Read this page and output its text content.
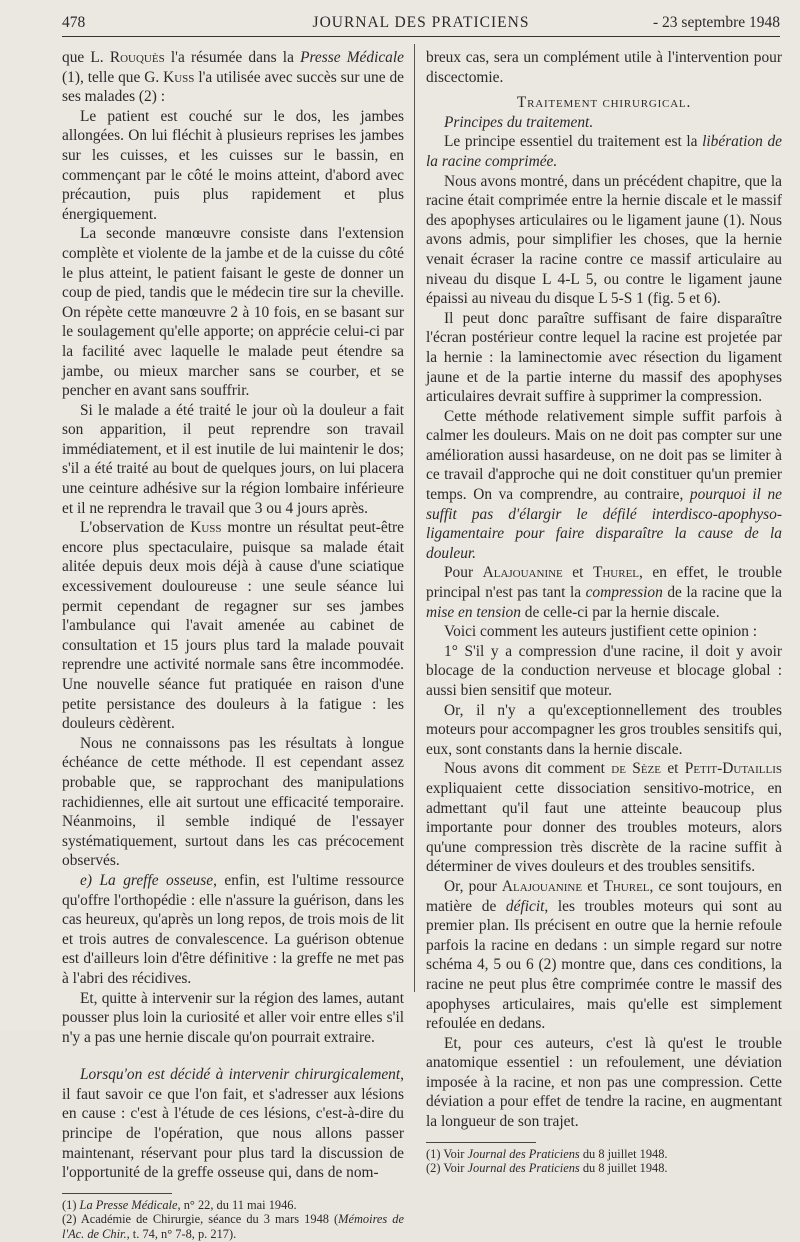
478	JOURNAL DES PRATICIENS	- 23 septembre 1948

que L. Rouquès l'a résumée dans la Presse Médicale (1), telle que G. Kuss l'a utilisée avec succès sur une de ses malades (2) :

Le patient est couché sur le dos, les jambes allongées. On lui fléchit à plusieurs reprises les jambes sur les cuisses, et les cuisses sur le bassin, en commençant par le côté le moins atteint, d'abord avec précaution, puis plus rapidement et plus énergiquement.

La seconde manœuvre consiste dans l'extension complète et violente de la jambe et de la cuisse du côté le plus atteint, le patient faisant le geste de donner un coup de pied, tandis que le médecin tire sur la cheville. On répète cette manœuvre 2 à 10 fois, en se basant sur le soulagement qu'elle apporte; on apprécie celui-ci par la facilité avec laquelle le malade peut étendre sa jambe, ou mieux marcher sans se courber, et se pencher en avant sans souffrir.

Si le malade a été traité le jour où la douleur a fait son apparition, il peut reprendre son travail immédiatement, et il est inutile de lui maintenir le dos; s'il a été traité au bout de quelques jours, on lui placera une ceinture adhésive sur la région lombaire inférieure et il ne reprendra le travail que 3 ou 4 jours après.

L'observation de Kuss montre un résultat peut-être encore plus spectaculaire, puisque sa malade était alitée depuis deux mois déjà à cause d'une sciatique excessivement douloureuse : une seule séance lui permit cependant de regagner sur ses jambes l'ambulance qui l'avait amenée au cabinet de consultation et 15 jours plus tard la malade pouvait reprendre une activité normale sans être incommodée. Une nouvelle séance fut pratiquée en raison d'une petite persistance des douleurs à la fatigue : les douleurs cèdèrent.

Nous ne connaissons pas les résultats à longue échéance de cette méthode. Il est cependant assez probable que, se rapprochant des manipulations rachidiennes, elle ait surtout une efficacité temporaire. Néanmoins, il semble indiqué de l'essayer systématiquement, surtout dans les cas précocement observés.

e) La greffe osseuse, enfin, est l'ultime ressource qu'offre l'orthopédie : elle n'assure la guérison, dans les cas heureux, qu'après un long repos, de trois mois de lit et trois autres de convalescence. La guérison obtenue est d'ailleurs loin d'être définitive : la greffe ne met pas à l'abri des récidives.

Et, quitte à intervenir sur la région des lames, autant pousser plus loin la curiosité et aller voir entre elles s'il n'y a pas une hernie discale qu'on pourrait extraire.

Lorsqu'on est décidé à intervenir chirurgicalement, il faut savoir ce que l'on fait, et s'adresser aux lésions en cause : c'est à l'étude de ces lésions, c'est-à-dire du principe de l'opération, que nous allons passer maintenant, réservant pour plus tard la discussion de l'opportunité de la greffe osseuse qui, dans de nom-

(1) La Presse Médicale, n° 22, du 11 mai 1946.

(2) Académie de Chirurgie, séance du 3 mars 1948 (Mémoires de l'Ac. de Chir., t. 74, n° 7-8, p. 217).

breux cas, sera un complément utile à l'intervention pour discectomie.

Traitement chirurgical.

Principes du traitement.

Le principe essentiel du traitement est la libération de la racine comprimée.

Nous avons montré, dans un précédent chapitre, que la racine était comprimée entre la hernie discale et le massif des apophyses articulaires ou le ligament jaune (1). Nous avons admis, pour simplifier les choses, que la hernie venait écraser la racine contre ce massif articulaire au niveau du disque L 4-L 5, ou contre le ligament jaune épaissi au niveau du disque L 5-S 1 (fig. 5 et 6).

Il peut donc paraître suffisant de faire disparaître l'écran postérieur contre lequel la racine est projetée par la hernie : la laminectomie avec résection du ligament jaune et de la partie interne du massif des apophyses articulaires devrait suffire à supprimer la compression.

Cette méthode relativement simple suffit parfois à calmer les douleurs. Mais on ne doit pas compter sur une amélioration aussi hasardeuse, on ne doit pas se limiter à ce travail d'approche qui ne doit constituer qu'un premier temps. On va comprendre, au contraire, pourquoi il ne suffit pas d'élargir le défilé interdisco-apophyso-ligamentaire pour faire disparaître la cause de la douleur.

Pour Alajouanine et Thurel, en effet, le trouble principal n'est pas tant la compression de la racine que la mise en tension de celle-ci par la hernie discale.

Voici comment les auteurs justifient cette opinion :

1° S'il y a compression d'une racine, il doit y avoir blocage de la conduction nerveuse et blocage global : aussi bien sensitif que moteur.

Or, il n'y a qu'exceptionnellement des troubles moteurs pour accompagner les gros troubles sensitifs qui, eux, sont constants dans la hernie discale.

Nous avons dit comment de Sèze et Petit-Dutaillis expliquaient cette dissociation sensitivo-motrice, en admettant qu'il faut une atteinte beaucoup plus importante pour donner des troubles moteurs, alors qu'une compression très discrète de la racine suffit à déterminer de vives douleurs et des troubles sensitifs.

Or, pour Alajouanine et Thurel, ce sont toujours, en matière de déficit, les troubles moteurs qui sont au premier plan. Ils précisent en outre que la hernie refoule parfois la racine en dedans : un simple regard sur notre schéma 4, 5 ou 6 (2) montre que, dans ces conditions, la racine ne peut plus être comprimée contre le massif des apophyses articulaires, mais qu'elle est simplement refoulée en dedans.

Et, pour ces auteurs, c'est là qu'est le trouble anatomique essentiel : un refoulement, une déviation imposée à la racine, et non pas une compression. Cette déviation a pour effet de tendre la racine, en augmentant la longueur de son trajet.

(1) Voir Journal des Praticiens du 8 juillet 1948.

(2) Voir Journal des Praticiens du 8 juillet 1948.
